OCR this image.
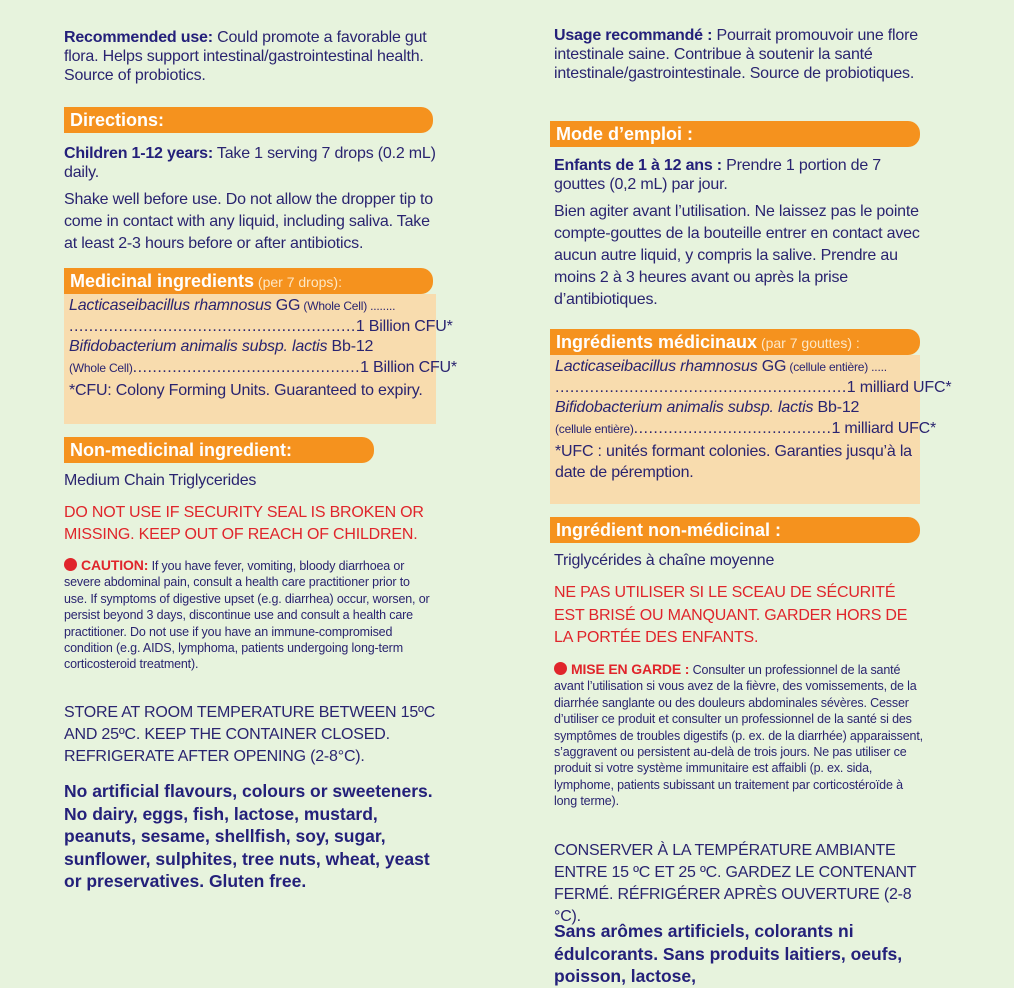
Recommended use: Could promote a favorable gut flora. Helps support intestinal/gastrointestinal health. Source of probiotics.

Directions:

Children 1-12 years: Take 1 serving 7 drops (0.2 mL) daily.

Shake well before use. Do not allow the dropper tip to come in contact with any liquid, including saliva. Take at least 2-3 hours before or after antibiotics.

Medicinal ingredients (per 7 drops):

Lacticaseibacillus rhamnosus GG (Whole Cell) ........

.......................................................... 1 Billion CFU*

Bifidobacterium animalis subsp. lactis Bb-12

(Whole Cell) .............................................. 1 Billion CFU*

*CFU: Colony Forming Units. Guaranteed to expiry.

Non-medicinal ingredient:

Medium Chain Triglycerides

DO NOT USE IF SECURITY SEAL IS BROKEN OR MISSING. KEEP OUT OF REACH OF CHILDREN.

CAUTION: If you have fever, vomiting, bloody diarrhoea or severe abdominal pain, consult a health care practitioner prior to use. If symptoms of digestive upset (e.g. diarrhea) occur, worsen, or persist beyond 3 days, discontinue use and consult a health care practitioner. Do not use if you have an immune-compromised condition (e.g. AIDS, lymphoma, patients undergoing long-term corticosteroid treatment).

STORE AT ROOM TEMPERATURE BETWEEN 15ºC AND 25ºC. KEEP THE CONTAINER CLOSED. REFRIGERATE AFTER OPENING (2-8°C).

No artificial flavours, colours or sweeteners. No dairy, eggs, fish, lactose, mustard, peanuts, sesame, shellfish, soy, sugar, sunflower, sulphites, tree nuts, wheat, yeast or preservatives. Gluten free.

Usage recommandé : Pourrait promouvoir une flore intestinale saine. Contribue à soutenir la santé intestinale/gastrointestinale. Source de probiotiques.

Mode d’emploi :

Enfants de 1 à 12 ans : Prendre 1 portion de 7 gouttes (0,2 mL) par jour.

Bien agiter avant l’utilisation. Ne laissez pas le pointe compte-gouttes de la bouteille entrer en contact avec aucun autre liquid, y compris la salive. Prendre au moins 2 à 3 heures avant ou après la prise d’antibiotiques.

Ingrédients médicinaux (par 7 gouttes) :

Lacticaseibacillus rhamnosus GG (cellule entière) .....

........................................................... 1 milliard UFC*

Bifidobacterium animalis subsp. lactis Bb-12

(cellule entière) ........................................ 1 milliard UFC*

*UFC : unités formant colonies. Garanties jusqu’à la date de péremption.

Ingrédient non-médicinal :

Triglycérides à chaîne moyenne

NE PAS UTILISER SI LE SCEAU DE SÉCURITÉ EST BRISÉ OU MANQUANT. GARDER HORS DE LA PORTÉE DES ENFANTS.

MISE EN GARDE : Consulter un professionnel de la santé avant l’utilisation si vous avez de la fièvre, des vomissements, de la diarrhée sanglante ou des douleurs abdominales sévères. Cesser d’utiliser ce produit et consulter un professionnel de la santé si des symptômes de troubles digestifs (p. ex. de la diarrhée) apparaissent, s’aggravent ou persistent au-delà de trois jours. Ne pas utiliser ce produit si votre système immunitaire est affaibli (p. ex. sida, lymphome, patients subissant un traitement par corticostéroïde à long terme).

CONSERVER À LA TEMPÉRATURE AMBIANTE ENTRE 15 ºC ET 25 ºC. GARDEZ LE CONTENANT FERMÉ. RÉFRIGÉRER APRÈS OUVERTURE (2-8 °C).

Sans arômes artificiels, colorants ni édulcorants. Sans produits laitiers, oeufs, poisson, lactose,
